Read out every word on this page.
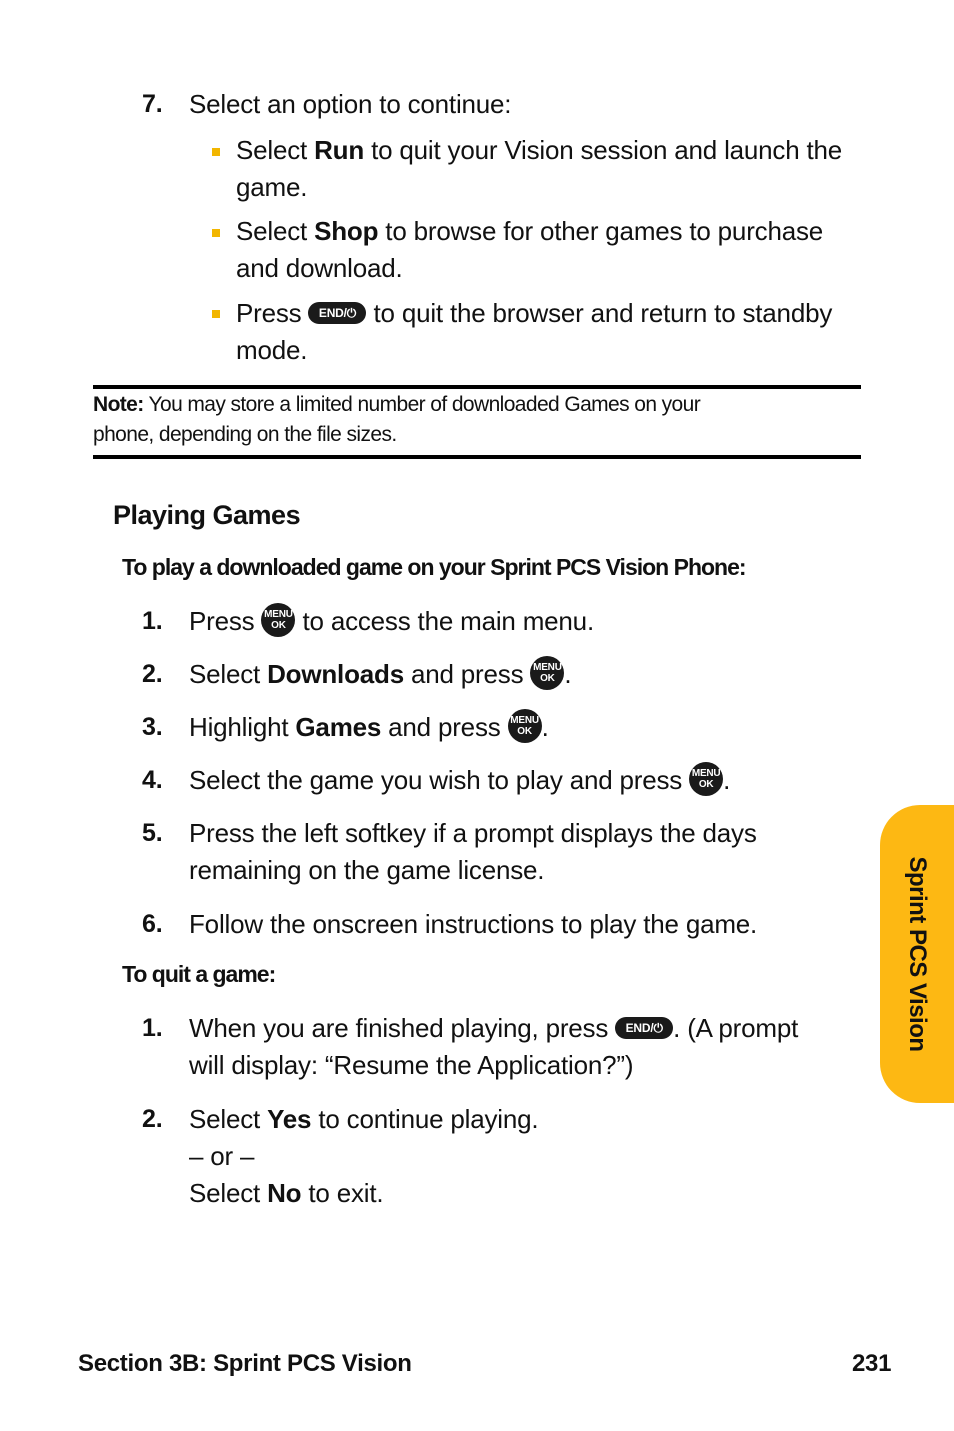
7.	Select an option to continue:
Select Run to quit your Vision session and launch the
game.
Select Shop to browse for other games to purchase
and download.
Press END/⏻ to quit the browser and return to standby
mode.
Note: You may store a limited number of downloaded Games on your
phone, depending on the file sizes.
Playing Games
To play a downloaded game on your Sprint PCS Vision Phone:
1.	Press MENU
OK to access the main menu.
2.	Select Downloads and press MENU
OK .
3.	Highlight Games and press MENU
OK .
4.	Select the game you wish to play and press MENU
OK .
5.	Press the left softkey if a prompt displays the days
remaining on the game license.
6.	Follow the onscreen instructions to play the game.
To quit a game:
1.	When you are finished playing, press END/⏻ . (A prompt
will display: “Resume the Application?”)
2.	Select Yes to continue playing.
– or –
Select No to exit.
Sprint PCS Vision
Section 3B: Sprint PCS Vision	231
